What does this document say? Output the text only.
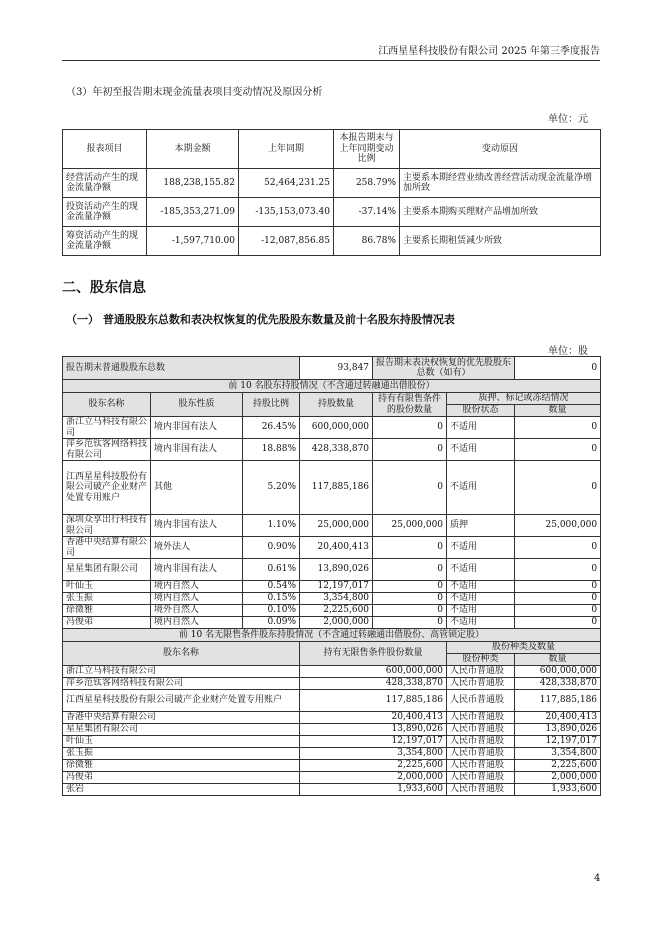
江西星星科技股份有限公司 2025 年第三季度报告
（3）年初至报告期末现金流量表项目变动情况及原因分析
单位：元
报表项目	本期金额	上年同期	本报告期末与上年同期变动比例	变动原因
经营活动产生的现金流量净额	188,238,155.82	52,464,231.25	258.79%	主要系本期经营业绩改善经营活动现金流量净增加所致
投资活动产生的现金流量净额	-185,353,271.09	-135,153,073.40	-37.14%	主要系本期购买理财产品增加所致
筹资活动产生的现金流量净额	-1,597,710.00	-12,087,856.85	86.78%	主要系长期租赁减少所致
二、股东信息
（一） 普通股股东总数和表决权恢复的优先股股东数量及前十名股东持股情况表
单位：股
报告期末普通股股东总数			93,847	报告期末表决权恢复的优先股股东总数（如有）		0
前 10 名股东持股情况（不含通过转融通出借股份）						
股东名称	股东性质	持股比例	持股数量	持有有限售条件的股份数量	质押、标记或冻结情况	
					股份状态	数量
浙江立马科技有限公司	境内非国有法人	26.45%	600,000,000	0	不适用	0
萍乡范钛客网络科技有限公司	境内非国有法人	18.88%	428,338,870	0	不适用	0
江西星星科技股份有限公司破产企业财产处置专用账户	其他	5.20%	117,885,186	0	不适用	0
深圳众享出行科技有限公司	境内非国有法人	1.10%	25,000,000	25,000,000	质押	25,000,000
香港中央结算有限公司	境外法人	0.90%	20,400,413	0	不适用	0
星星集团有限公司	境内非国有法人	0.61%	13,890,026	0	不适用	0
叶仙玉	境内自然人	0.54%	12,197,017	0	不适用	0
张玉振	境内自然人	0.15%	3,354,800	0	不适用	0
徐微雅	境外自然人	0.10%	2,225,600	0	不适用	0
冯俊弟	境内自然人	0.09%	2,000,000	0	不适用	0
前 10 名无限售条件股东持股情况（不含通过转融通出借股份、高管锁定股）						
股东名称			持有无限售条件股份数量		股份种类及数量	
					股份种类	数量
浙江立马科技有限公司			600,000,000		人民币普通股	600,000,000
萍乡范钛客网络科技有限公司			428,338,870		人民币普通股	428,338,870
江西星星科技股份有限公司破产企业财产处置专用账户			117,885,186		人民币普通股	117,885,186
香港中央结算有限公司			20,400,413		人民币普通股	20,400,413
星星集团有限公司			13,890,026		人民币普通股	13,890,026
叶仙玉			12,197,017		人民币普通股	12,197,017
张玉振			3,354,800		人民币普通股	3,354,800
徐微雅			2,225,600		人民币普通股	2,225,600
冯俊弟			2,000,000		人民币普通股	2,000,000
张岩			1,933,600		人民币普通股	1,933,600
4
